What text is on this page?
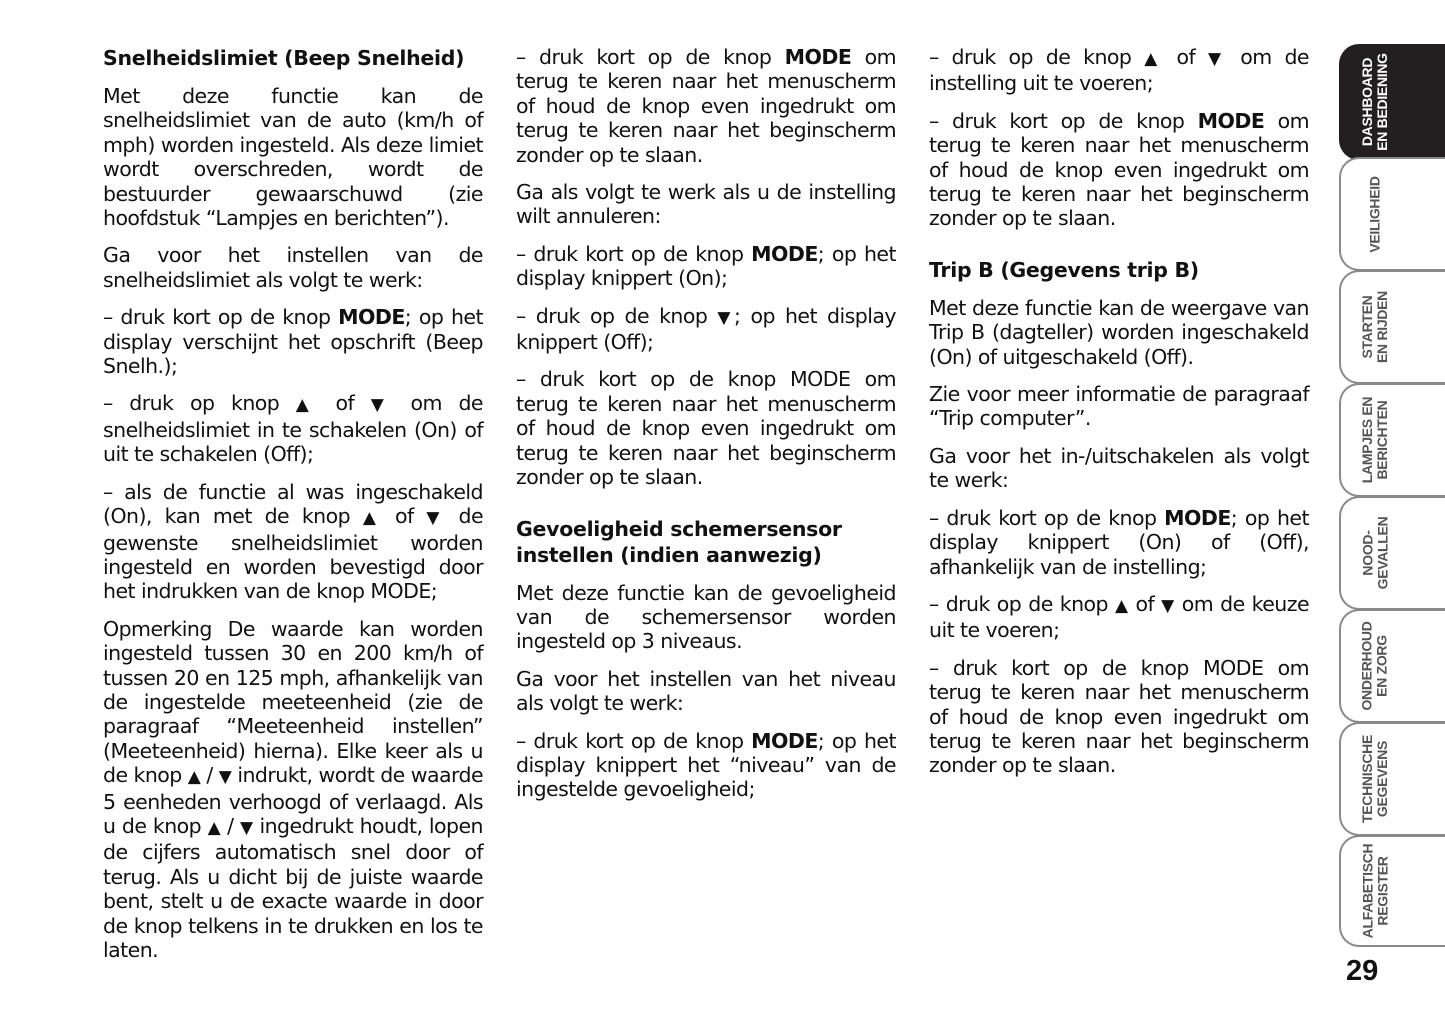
Snelheidslimiet (Beep Snelheid)

Met deze functie kan de snelheidslimiet van de auto (km/h of mph) worden ingesteld. Als deze limiet wordt overschreden, wordt de bestuurder gewaarschuwd (zie hoofdstuk “Lampjes en berichten”).

Ga voor het instellen van de snelheidslimiet als volgt te werk:

– druk kort op de knop MODE; op het display verschijnt het opschrift (Beep Snelh.);

– druk op knop ▲ of ▼ om de snelheidslimiet in te schakelen (On) of uit te schakelen (Off);

– als de functie al was ingeschakeld (On), kan met de knop ▲ of ▼ de gewenste snelheidslimiet worden ingesteld en worden bevestigd door het indrukken van de knop MODE;

Opmerking De waarde kan worden ingesteld tussen 30 en 200 km/h of tussen 20 en 125 mph, afhankelijk van de ingestelde meeteenheid (zie de paragraaf “Meeteenheid instellen” (Meeteenheid) hierna). Elke keer als u de knop ▲ / ▼ indrukt, wordt de waarde 5 eenheden verhoogd of verlaagd. Als u de knop ▲ / ▼ ingedrukt houdt, lopen de cijfers automatisch snel door of terug. Als u dicht bij de juiste waarde bent, stelt u de exacte waarde in door de knop telkens in te drukken en los te laten.

– druk kort op de knop MODE om terug te keren naar het menuscherm of houd de knop even ingedrukt om terug te keren naar het beginscherm zonder op te slaan.

Ga als volgt te werk als u de instelling wilt annuleren:

– druk kort op de knop MODE; op het display knippert (On);

– druk op de knop ▼; op het display knippert (Off);

– druk kort op de knop MODE om terug te keren naar het menuscherm of houd de knop even ingedrukt om terug te keren naar het beginscherm zonder op te slaan.

Gevoeligheid schemersensor instellen (indien aanwezig)

Met deze functie kan de gevoeligheid van de schemersensor worden ingesteld op 3 niveaus.

Ga voor het instellen van het niveau als volgt te werk:

– druk kort op de knop MODE; op het display knippert het “niveau” van de ingestelde gevoeligheid;

– druk op de knop ▲ of ▼ om de instelling uit te voeren;

– druk kort op de knop MODE om terug te keren naar het menuscherm of houd de knop even ingedrukt om terug te keren naar het beginscherm zonder op te slaan.

Trip B (Gegevens trip B)

Met deze functie kan de weergave van Trip B (dagteller) worden ingeschakeld (On) of uitgeschakeld (Off).

Zie voor meer informatie de paragraaf “Trip computer”.

Ga voor het in-/uitschakelen als volgt te werk:

– druk kort op de knop MODE; op het display knippert (On) of (Off), afhankelijk van de instelling;

– druk op de knop ▲ of ▼ om de keuze uit te voeren;

– druk kort op de knop MODE om terug te keren naar het menuscherm of houd de knop even ingedrukt om terug te keren naar het beginscherm zonder op te slaan.

DASHBOARD
EN BEDIENING
VEILIGHEID

STARTEN
EN RIJDEN
LAMPJES EN
BERICHTEN
NOOD-
GEVALLEN
ONDERHOUD
EN ZORG
TECHNISCHE
GEGEVENS
ALFABETISCH
REGISTER
29
